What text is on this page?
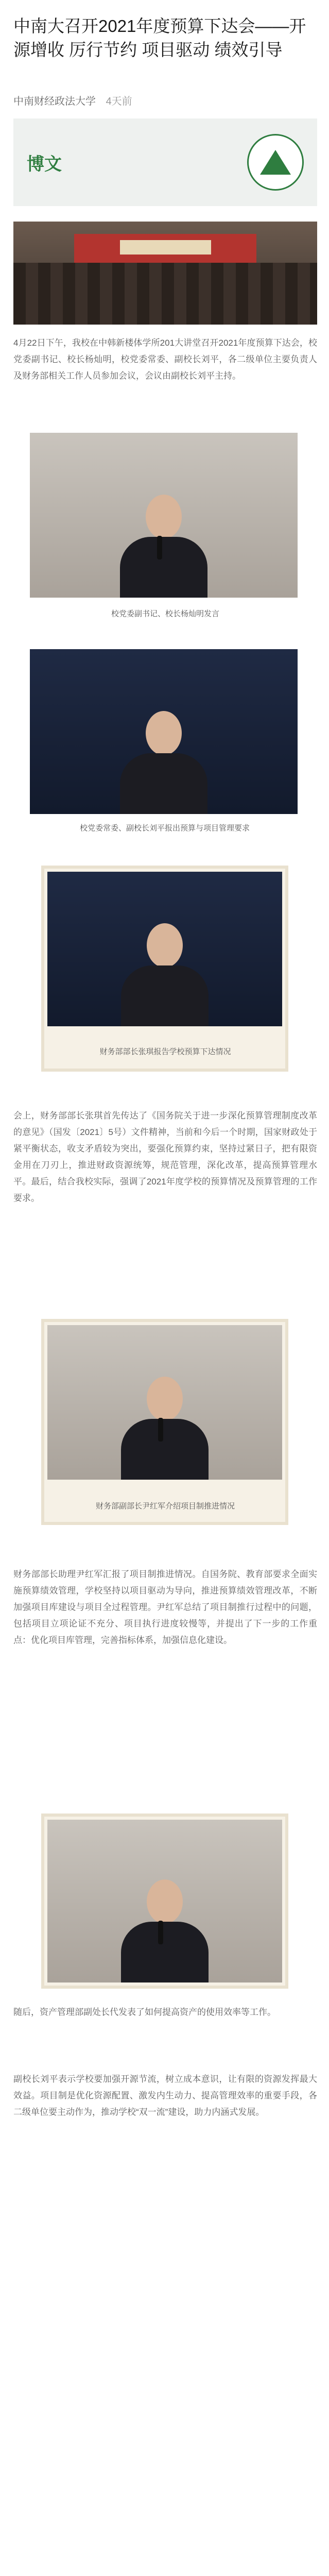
中南大召开2021年度预算下达会——开源增收 厉行节约 项目驱动 绩效引导
中南财经政法大学 4天前
博文

4月22日下午，我校在中韩新楼体学所201大讲堂召开2021年度预算下达会，校党委副书记、校长杨灿明，校党委常委、副校长刘平，各二级单位主要负责人及财务部相关工作人员参加会议，会议由副校长刘平主持。

校党委副书记、校长杨灿明发言
校党委常委、副校长刘平报出预算与项目管理要求
财务部部长张琪报告学校预算下达情况

会上，财务部部长张琪首先传达了《国务院关于进一步深化预算管理制度改革的意见》（国发〔2021〕5号）文件精神，当前和今后一个时期，国家财政处于紧平衡状态，收支矛盾较为突出，要强化预算约束，坚持过紧日子，把有限资金用在刀刃上，推进财政资源统筹，规范管理，深化改革，提高预算管理水平。最后，结合我校实际，强调了2021年度学校的预算情况及预算管理的工作要求。

财务部副部长尹红军介绍项目制推进情况

财务部部长助理尹红军汇报了项目制推进情况。自国务院、教育部要求全面实施预算绩效管理，学校坚持以项目驱动为导向，推进预算绩效管理改革，不断加强项目库建设与项目全过程管理。尹红军总结了项目制推行过程中的问题，包括项目立项论证不充分、项目执行进度较慢等，并提出了下一步的工作重点：优化项目库管理，完善指标体系，加强信息化建设。

随后，资产管理部副处长代发表了如何提高资产的使用效率等工作。

副校长刘平表示学校要加强开源节流，树立成本意识，让有限的资源发挥最大效益。项目制是优化资源配置、激发内生动力、提高管理效率的重要手段，各二级单位要主动作为，推动学校“双一流”建设，助力内涵式发展。
